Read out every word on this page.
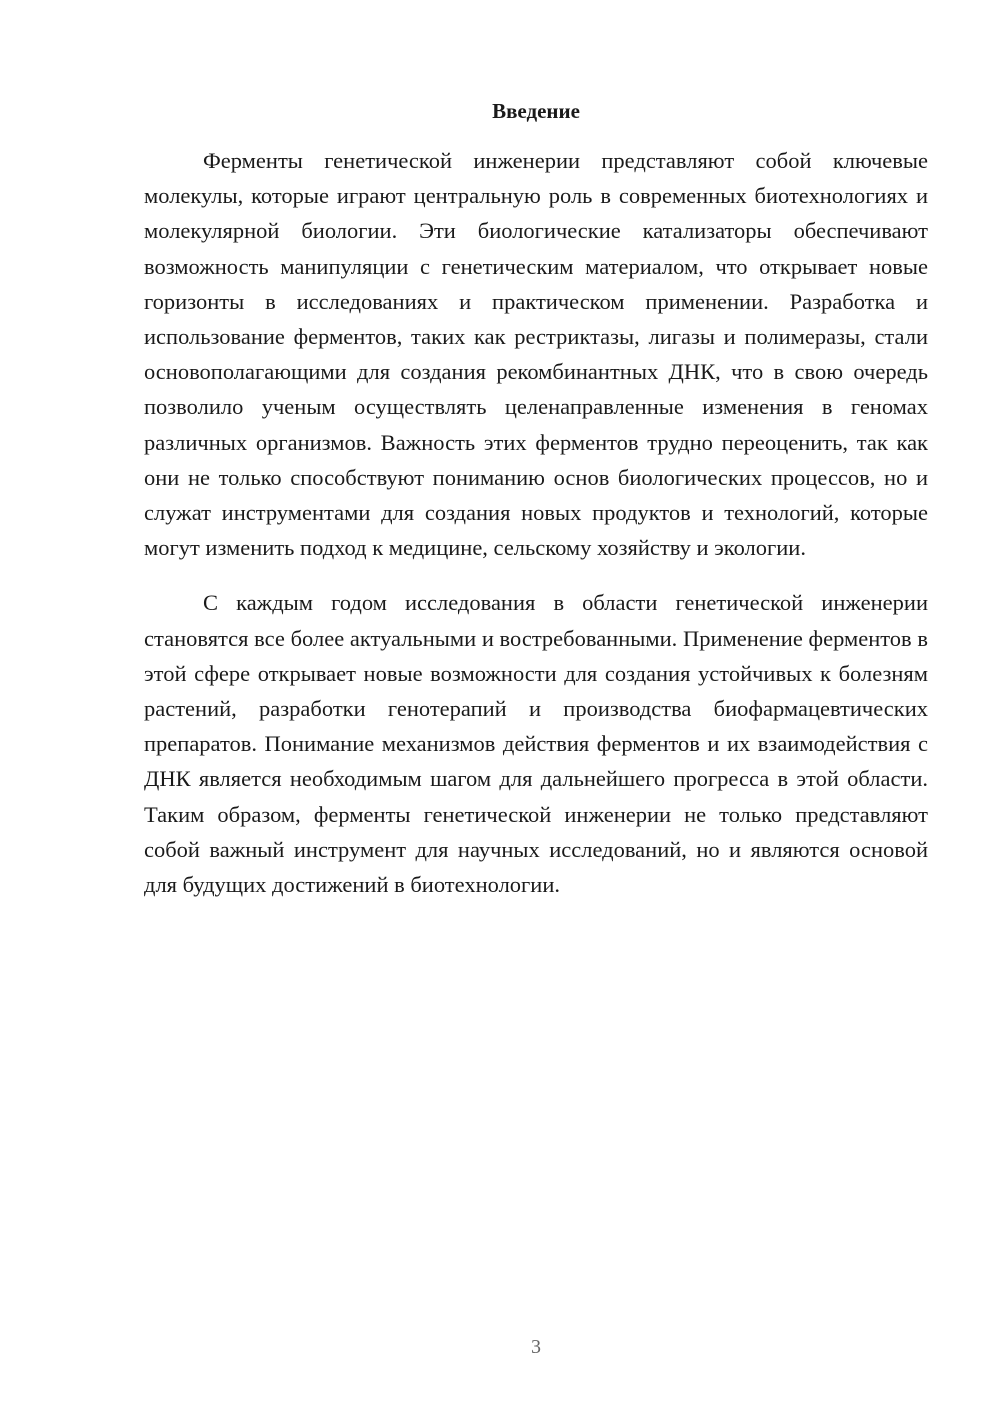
Введение

Ферменты генетической инженерии представляют собой ключевые молекулы, которые играют центральную роль в современных биотехнологиях и молекулярной биологии. Эти биологические катализаторы обеспечивают возможность манипуляции с генетическим материалом, что открывает новые горизонты в исследованиях и практическом применении. Разработка и использование ферментов, таких как рестриктазы, лигазы и полимеразы, стали основополагающими для создания рекомбинантных ДНК, что в свою очередь позволило ученым осуществлять целенаправленные изменения в геномах различных организмов. Важность этих ферментов трудно переоценить, так как они не только способствуют пониманию основ биологических процессов, но и служат инструментами для создания новых продуктов и технологий, которые могут изменить подход к медицине, сельскому хозяйству и экологии.

С каждым годом исследования в области генетической инженерии становятся все более актуальными и востребованными. Применение ферментов в этой сфере открывает новые возможности для создания устойчивых к болезням растений, разработки генотерапий и производства биофармацевтических препаратов. Понимание механизмов действия ферментов и их взаимодействия с ДНК является необходимым шагом для дальнейшего прогресса в этой области. Таким образом, ферменты генетической инженерии не только представляют собой важный инструмент для научных исследований, но и являются основой для будущих достижений в биотехнологии.

3
